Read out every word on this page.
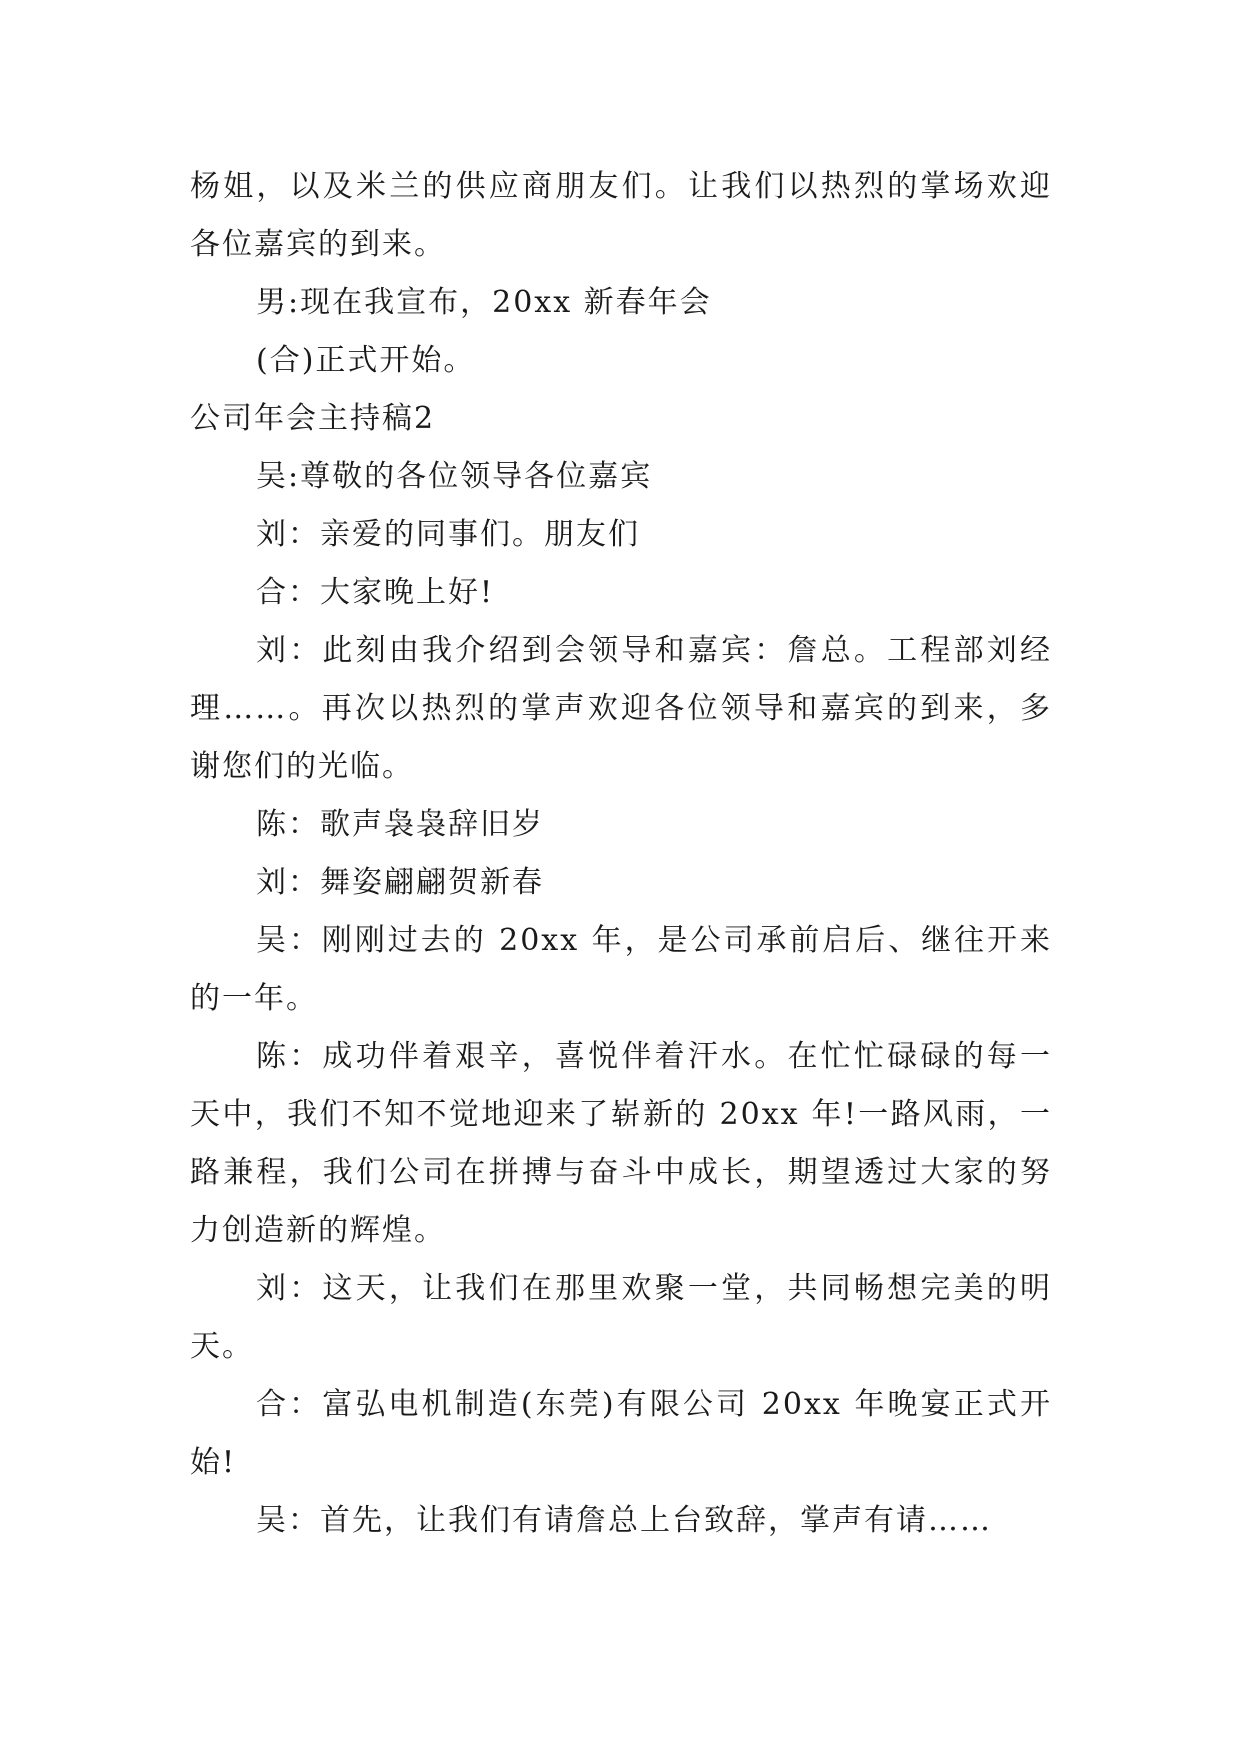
杨姐，以及米兰的供应商朋友们。让我们以热烈的掌场欢迎各位嘉宾的到来。

男:现在我宣布，20xx 新春年会

(合)正式开始。

公司年会主持稿2

吴:尊敬的各位领导各位嘉宾

刘：亲爱的同事们。朋友们

合：大家晚上好!

刘：此刻由我介绍到会领导和嘉宾：詹总。工程部刘经理……。再次以热烈的掌声欢迎各位领导和嘉宾的到来，多谢您们的光临。

陈：歌声袅袅辞旧岁

刘：舞姿翩翩贺新春

吴：刚刚过去的 20xx 年，是公司承前启后、继往开来的一年。

陈：成功伴着艰辛，喜悦伴着汗水。在忙忙碌碌的每一天中，我们不知不觉地迎来了崭新的 20xx 年!一路风雨，一路兼程，我们公司在拼搏与奋斗中成长，期望透过大家的努力创造新的辉煌。

刘：这天，让我们在那里欢聚一堂，共同畅想完美的明天。

合：富弘电机制造(东莞)有限公司 20xx 年晚宴正式开始!

吴：首先，让我们有请詹总上台致辞，掌声有请……
